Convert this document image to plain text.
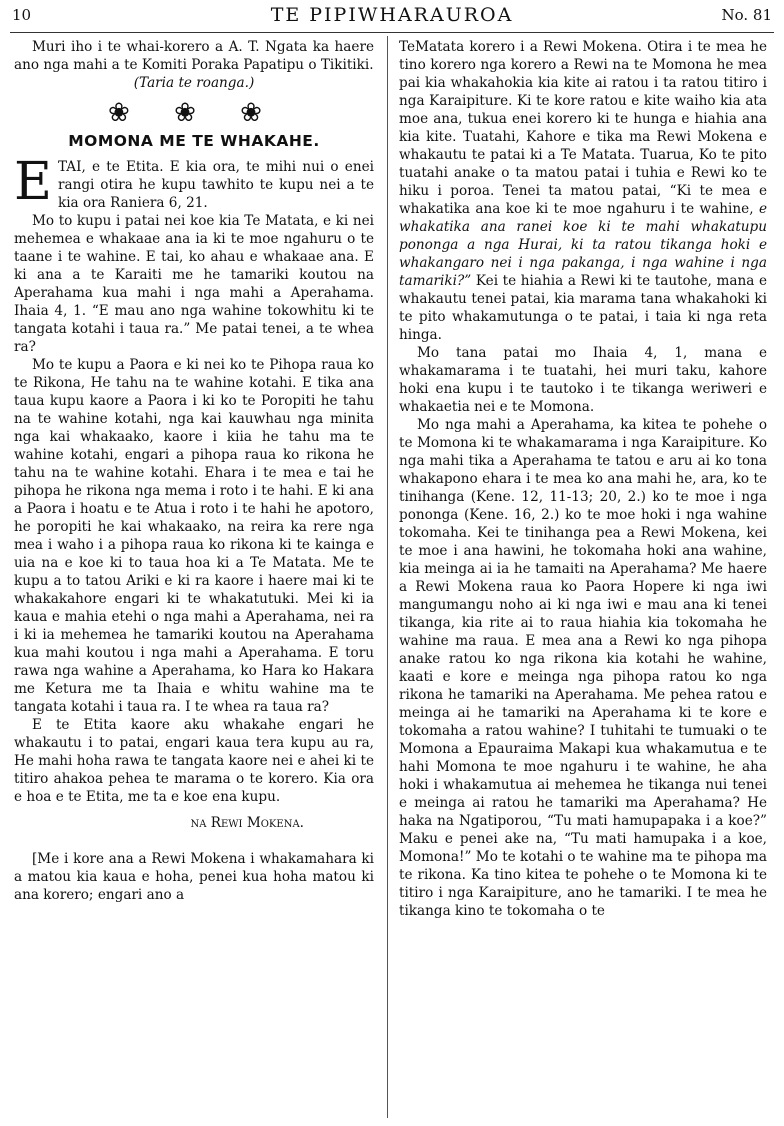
10	TE PIPIWHARAUROA	No. 81

Muri iho i te whai-korero a A. T. Ngata ka haere ano nga mahi a te Komiti Poraka Papatipu o Tikitiki.

(Taria te roanga.)

❀ ❀ ❀
MOMONA ME TE WHAKAHE.

ETAI, e te Etita. E kia ora, te mihi nui o enei rangi otira he kupu tawhito te kupu nei a te kia ora Raniera 6, 21.

Mo to kupu i patai nei koe kia Te Matata, e ki nei mehemea e whakaae ana ia ki te moe ngahuru o te taane i te wahine. E tai, ko ahau e whakaae ana. E ki ana a te Karaiti me he tamariki koutou na Aperahama kua mahi i nga mahi a Aperahama. Ihaia 4, 1. “E mau ano nga wahine tokowhitu ki te tangata kotahi i taua ra.” Me patai tenei, a te whea ra?

Mo te kupu a Paora e ki nei ko te Pihopa raua ko te Rikona, He tahu na te wahine kotahi. E tika ana taua kupu kaore a Paora i ki ko te Poropiti he tahu na te wahine kotahi, nga kai kauwhau nga minita nga kai whakaako, kaore i kiia he tahu ma te wahine kotahi, engari a pihopa raua ko rikona he tahu na te wahine kotahi. Ehara i te mea e tai he pihopa he rikona nga mema i roto i te hahi. E ki ana a Paora i hoatu e te Atua i roto i te hahi he apotoro, he poropiti he kai whakaako, na reira ka rere nga mea i waho i a pihopa raua ko rikona ki te kainga e uia na e koe ki to taua hoa ki a Te Matata. Me te kupu a to tatou Ariki e ki ra kaore i haere mai ki te whakakahore engari ki te whakatutuki. Mei ki ia kaua e mahia etehi o nga mahi a Aperahama, nei ra i ki ia mehemea he tamariki koutou na Aperahama kua mahi koutou i nga mahi a Aperahama. E toru rawa nga wahine a Aperahama, ko Hara ko Hakara me Ketura me ta Ihaia e whitu wahine ma te tangata kotahi i taua ra. I te whea ra taua ra?

E te Etita kaore aku whakahe engari he whakautu i to patai, engari kaua tera kupu au ra, He mahi hoha rawa te tangata kaore nei e ahei ki te titiro ahakoa pehea te marama o te korero. Kia ora e hoa e te Etita, me ta e koe ena kupu.

na Rewi Mokena.

[Me i kore ana a Rewi Mokena i whakamahara ki a matou kia kaua e hoha, penei kua hoha matou ki ana korero; engari ano a

TeMatata korero i a Rewi Mokena. Otira i te mea he tino korero nga korero a Rewi na te Momona he mea pai kia whakahokia kia kite ai ratou i ta ratou titiro i nga Karaipiture. Ki te kore ratou e kite waiho kia ata moe ana, tukua enei korero ki te hunga e hiahia ana kia kite. Tuatahi, Kahore e tika ma Rewi Mokena e whakautu te patai ki a Te Matata. Tuarua, Ko te pito tuatahi anake o ta matou patai i tuhia e Rewi ko te hiku i poroa. Tenei ta matou patai, “Ki te mea e whakatika ana koe ki te moe ngahuru i te wahine, e whakatika ana ranei koe ki te mahi whakatupu ponongа a nga Hurai, ki ta ratou tikanga hoki e whakangaro nei i nga pakanga, i nga wahine i nga tamariki?” Kei te hiahia a Rewi ki te tautohe, mana e whakautu tenei patai, kia marama tana whakahoki ki te pito whakamutunga o te patai, i taia ki nga reta hinga.

Mo tana patai mo Ihaia 4, 1, mana e whakamarama i te tuatahi, hei muri taku, kahore hoki ena kupu i te tautoko i te tikanga weriweri e whakaetia nei e te Momona.

Mo nga mahi a Aperahama, ka kitea te pohehe o te Momona ki te whakamarama i nga Karaipiture. Ko nga mahi tika a Aperahama te tatou e aru ai ko tona whakapono ehara i te mea ko ana mahi he, ara, ko te tinihanga (Kene. 12, 11-13; 20, 2.) ko te moe i nga ponongа (Kene. 16, 2.) ko te moe hoki i nga wahine tokomaha. Kei te tinihanga pea a Rewi Mokena, kei te moe i ana hawini, he tokomaha hoki ana wahine, kia meinga ai ia he tamaiti na Aperahama? Me haere a Rewi Mokena raua ko Paora Hopere ki nga iwi mangumangu noho ai ki nga iwi e mau ana ki tenei tikanga, kia rite ai to raua hiahia kia tokomaha he wahine ma raua. E mea ana a Rewi ko nga pihopa anake ratou ko nga rikona kia kotahi he wahine, kaati e kore e meinga nga pihopa ratou ko nga rikona he tamariki na Aperahama. Me pehea ratou e meinga ai he tamariki na Aperahama ki te kore e tokomaha a ratou wahine? I tuhitahi te tumuaki o te Momona a Epauraima Makapi kua whakamutua e te hahi Momona te moe ngahuru i te wahine, he aha hoki i whakamutua ai mehemea he tikanga nui tenei e meinga ai ratou he tamariki ma Aperahama? He haka na Ngatiporou, “Tu mati hamupapaka i a koe?” Maku e penei ake na, “Tu mati hamupaka i a koe, Momona!” Mo te kotahi o te wahine ma te pihopa ma te rikona. Ka tino kitea te pohehe o te Momona ki te titiro i nga Karaipiture, ano he tamariki. I te mea he tikanga kino te tokomaha o te
